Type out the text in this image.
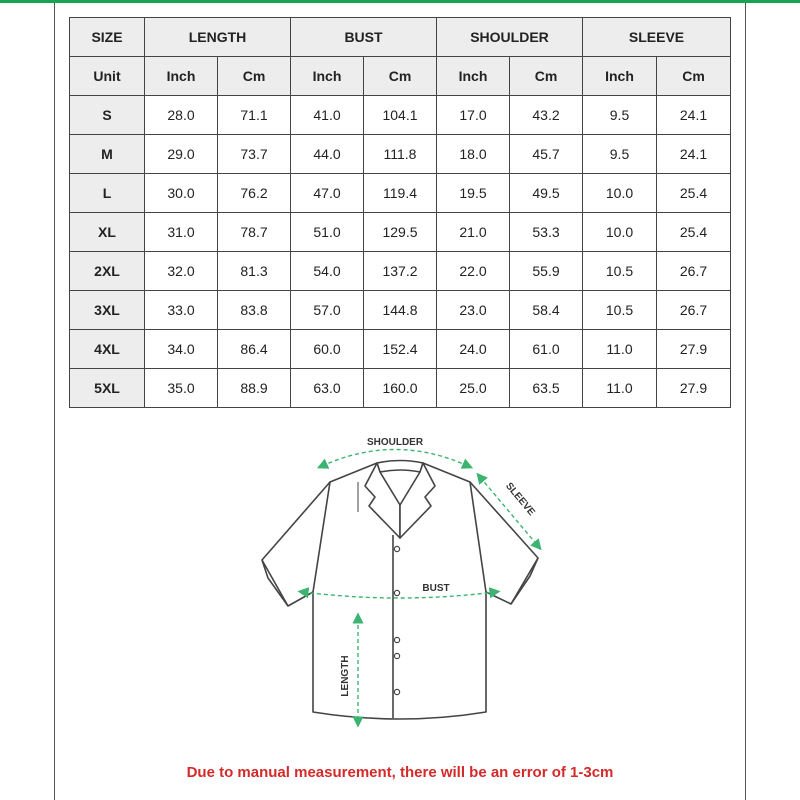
SIZE	LENGTH		BUST		SHOULDER		SLEEVE	
Unit	Inch	Cm	Inch	Cm	Inch	Cm	Inch	Cm
S	28.0	71.1	41.0	104.1	17.0	43.2	9.5	24.1
M	29.0	73.7	44.0	111.8	18.0	45.7	9.5	24.1
L	30.0	76.2	47.0	119.4	19.5	49.5	10.0	25.4
XL	31.0	78.7	51.0	129.5	21.0	53.3	10.0	25.4
2XL	32.0	81.3	54.0	137.2	22.0	55.9	10.5	26.7
3XL	33.0	83.8	57.0	144.8	23.0	58.4	10.5	26.7
4XL	34.0	86.4	60.0	152.4	24.0	61.0	11.0	27.9
5XL	35.0	88.9	63.0	160.0	25.0	63.5	11.0	27.9
SHOULDER
SLEEVE
BUST
LENGTH
Due to manual measurement, there will be an error of 1-3cm
